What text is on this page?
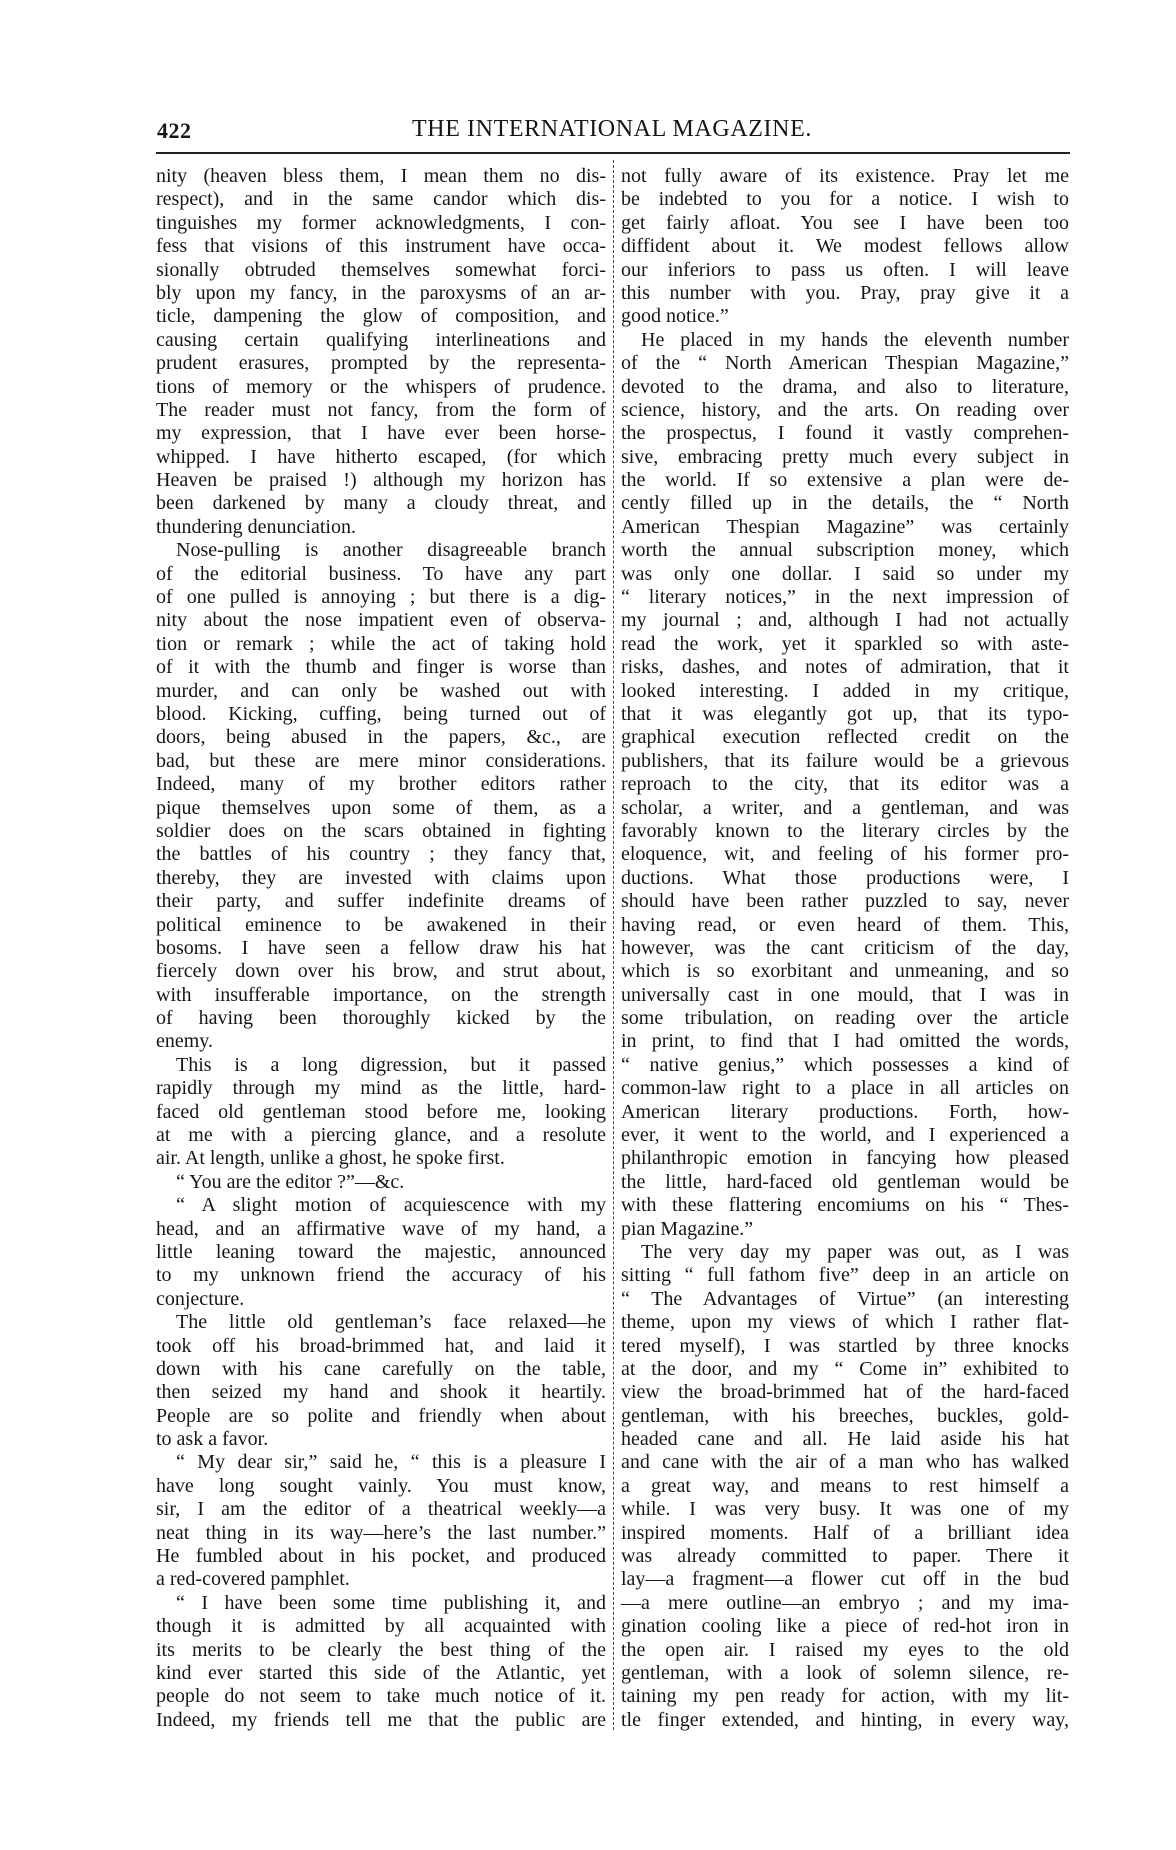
422	THE INTERNATIONAL MAGAZINE.
nity (heaven bless them, I mean them no dis-
respect), and in the same candor which dis-
tinguishes my former acknowledgments, I con-
fess that visions of this instrument have occa-
sionally obtruded themselves somewhat forci-
bly upon my fancy, in the paroxysms of an ar-
ticle, dampening the glow of composition, and
causing certain qualifying interlineations and
prudent erasures, prompted by the representa-
tions of memory or the whispers of prudence.
The reader must not fancy, from the form of
my expression, that I have ever been horse-
whipped. I have hitherto escaped, (for which
Heaven be praised !) although my horizon has
been darkened by many a cloudy threat, and
thundering denunciation.
Nose-pulling is another disagreeable branch
of the editorial business. To have any part
of one pulled is annoying ; but there is a dig-
nity about the nose impatient even of observa-
tion or remark ; while the act of taking hold
of it with the thumb and finger is worse than
murder, and can only be washed out with
blood. Kicking, cuffing, being turned out of
doors, being abused in the papers, &c., are
bad, but these are mere minor considerations.
Indeed, many of my brother editors rather
pique themselves upon some of them, as a
soldier does on the scars obtained in fighting
the battles of his country ; they fancy that,
thereby, they are invested with claims upon
their party, and suffer indefinite dreams of
political eminence to be awakened in their
bosoms. I have seen a fellow draw his hat
fiercely down over his brow, and strut about,
with insufferable importance, on the strength
of having been thoroughly kicked by the
enemy.
This is a long digression, but it passed
rapidly through my mind as the little, hard-
faced old gentleman stood before me, looking
at me with a piercing glance, and a resolute
air. At length, unlike a ghost, he spoke first.
“ You are the editor ?”—&c.
“ A slight motion of acquiescence with my
head, and an affirmative wave of my hand, a
little leaning toward the majestic, announced
to my unknown friend the accuracy of his
conjecture.
The little old gentleman’s face relaxed—he
took off his broad-brimmed hat, and laid it
down with his cane carefully on the table,
then seized my hand and shook it heartily.
People are so polite and friendly when about
to ask a favor.
“ My dear sir,” said he, “ this is a pleasure I
have long sought vainly. You must know,
sir, I am the editor of a theatrical weekly—a
neat thing in its way—here’s the last number.”
He fumbled about in his pocket, and produced
a red-covered pamphlet.
“ I have been some time publishing it, and
though it is admitted by all acquainted with
its merits to be clearly the best thing of the
kind ever started this side of the Atlantic, yet
people do not seem to take much notice of it.
Indeed, my friends tell me that the public are
not fully aware of its existence. Pray let me
be indebted to you for a notice. I wish to
get fairly afloat. You see I have been too
diffident about it. We modest fellows allow
our inferiors to pass us often. I will leave
this number with you. Pray, pray give it a
good notice.”
He placed in my hands the eleventh number
of the “ North American Thespian Magazine,”
devoted to the drama, and also to literature,
science, history, and the arts. On reading over
the prospectus, I found it vastly comprehen-
sive, embracing pretty much every subject in
the world. If so extensive a plan were de-
cently filled up in the details, the “ North
American Thespian Magazine” was certainly
worth the annual subscription money, which
was only one dollar. I said so under my
“ literary notices,” in the next impression of
my journal ; and, although I had not actually
read the work, yet it sparkled so with aste-
risks, dashes, and notes of admiration, that it
looked interesting. I added in my critique,
that it was elegantly got up, that its typo-
graphical execution reflected credit on the
publishers, that its failure would be a grievous
reproach to the city, that its editor was a
scholar, a writer, and a gentleman, and was
favorably known to the literary circles by the
eloquence, wit, and feeling of his former pro-
ductions. What those productions were, I
should have been rather puzzled to say, never
having read, or even heard of them. This,
however, was the cant criticism of the day,
which is so exorbitant and unmeaning, and so
universally cast in one mould, that I was in
some tribulation, on reading over the article
in print, to find that I had omitted the words,
“ native genius,” which possesses a kind of
common-law right to a place in all articles on
American literary productions. Forth, how-
ever, it went to the world, and I experienced a
philanthropic emotion in fancying how pleased
the little, hard-faced old gentleman would be
with these flattering encomiums on his “ Thes-
pian Magazine.”
The very day my paper was out, as I was
sitting “ full fathom five” deep in an article on
“ The Advantages of Virtue” (an interesting
theme, upon my views of which I rather flat-
tered myself), I was startled by three knocks
at the door, and my “ Come in” exhibited to
view the broad-brimmed hat of the hard-faced
gentleman, with his breeches, buckles, gold-
headed cane and all. He laid aside his hat
and cane with the air of a man who has walked
a great way, and means to rest himself a
while. I was very busy. It was one of my
inspired moments. Half of a brilliant idea
was already committed to paper. There it
lay—a fragment—a flower cut off in the bud
—a mere outline—an embryo ; and my ima-
gination cooling like a piece of red-hot iron in
the open air. I raised my eyes to the old
gentleman, with a look of solemn silence, re-
taining my pen ready for action, with my lit-
tle finger extended, and hinting, in every way,
